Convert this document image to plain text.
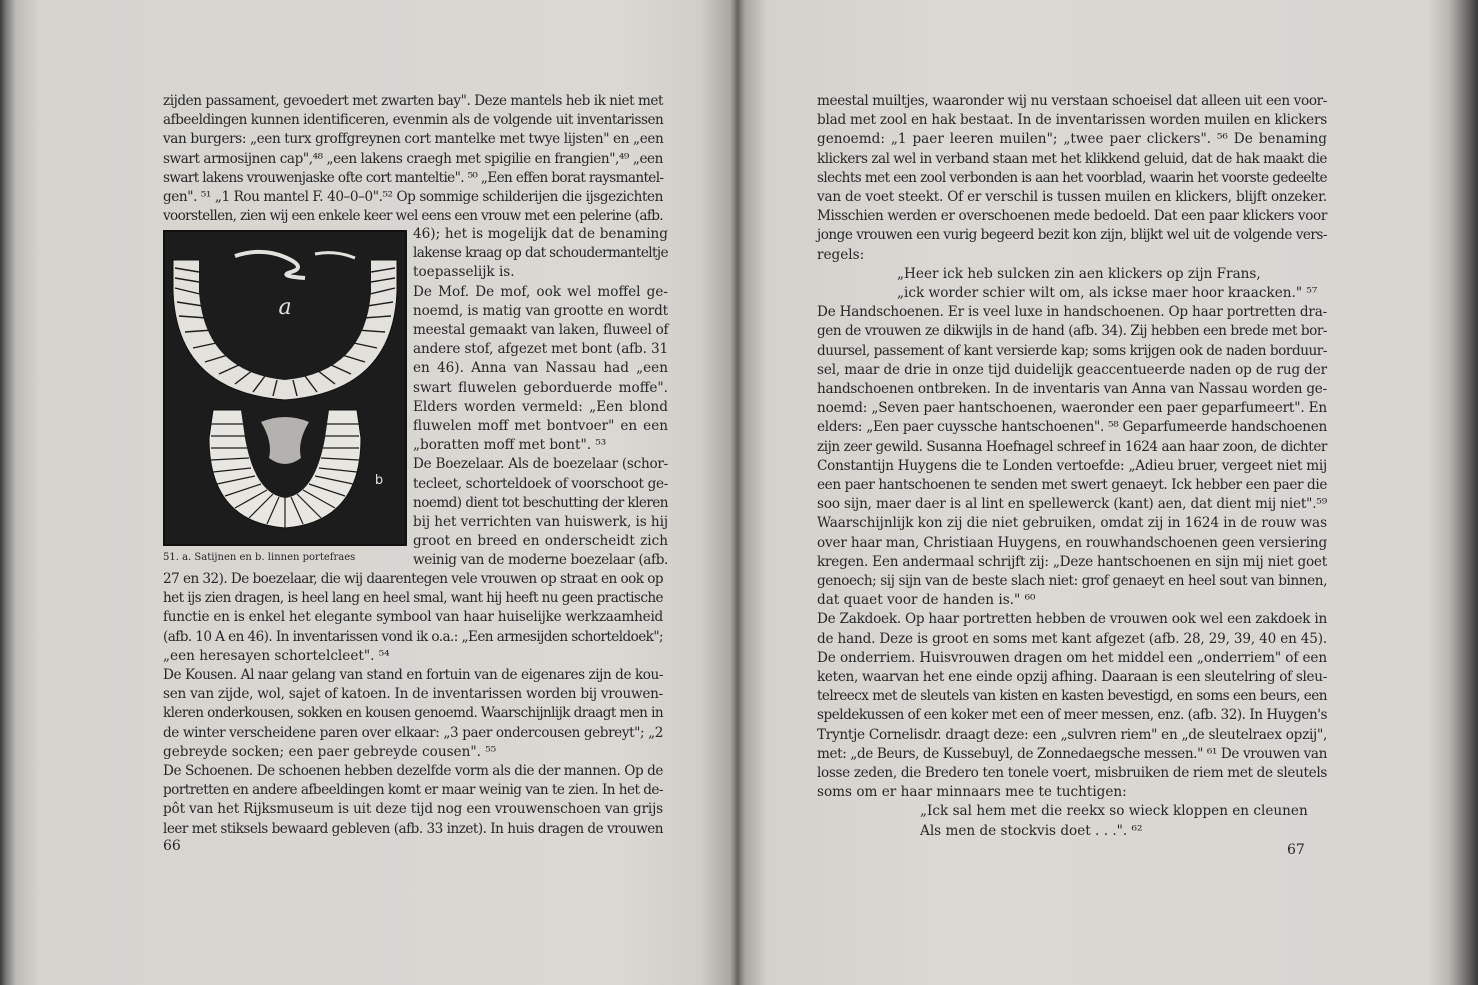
zijden passament, gevoedert met zwarten bay". Deze mantels heb ik niet met
afbeeldingen kunnen identificeren, evenmin als de volgende uit inventarissen
van burgers: „een turx groffgreynen cort mantelke met twye lijsten" en „een
swart armosijnen cap",⁴⁸ „een lakens craegh met spigilie en frangien",⁴⁹ „een
swart lakens vrouwenjaske ofte cort manteltie". ⁵⁰ „Een effen borat raysmantel-
gen". ⁵¹ „1 Rou mantel F. 40–0–0".⁵² Op sommige schilderijen die ijsgezichten
voorstellen, zien wij een enkele keer wel eens een vrouw met een pelerine (afb.
a
b
51. a. Satijnen en b. linnen portefraes
46); het is mogelijk dat de benaming
lakense kraag op dat schoudermanteltje
toepasselijk is.
De Mof. De mof, ook wel moffel ge-
noemd, is matig van grootte en wordt
meestal gemaakt van laken, fluweel of
andere stof, afgezet met bont (afb. 31
en 46). Anna van Nassau had „een
swart fluwelen geborduerde moffe".
Elders worden vermeld: „Een blond
fluwelen moff met bontvoer" en een
„boratten moff met bont". ⁵³
De Boezelaar. Als de boezelaar (schor-
tecleet, schorteldoek of voorschoot ge-
noemd) dient tot beschutting der kleren
bij het verrichten van huiswerk, is hij
groot en breed en onderscheidt zich
weinig van de moderne boezelaar (afb.
27 en 32). De boezelaar, die wij daarentegen vele vrouwen op straat en ook op
het ijs zien dragen, is heel lang en heel smal, want hij heeft nu geen practische
functie en is enkel het elegante symbool van haar huiselijke werkzaamheid
(afb. 10 A en 46). In inventarissen vond ik o.a.: „Een armesijden schorteldoek";
„een heresayen schortelcleet". ⁵⁴
De Kousen. Al naar gelang van stand en fortuin van de eigenares zijn de kou-
sen van zijde, wol, sajet of katoen. In de inventarissen worden bij vrouwen-
kleren onderkousen, sokken en kousen genoemd. Waarschijnlijk draagt men in
de winter verscheidene paren over elkaar: „3 paer ondercousen gebreyt"; „2
gebreyde socken; een paer gebreyde cousen". ⁵⁵
De Schoenen. De schoenen hebben dezelfde vorm als die der mannen. Op de
portretten en andere afbeeldingen komt er maar weinig van te zien. In het de-
pôt van het Rijksmuseum is uit deze tijd nog een vrouwenschoen van grijs
leer met stiksels bewaard gebleven (afb. 33 inzet). In huis dragen de vrouwen
66
meestal muiltjes, waaronder wij nu verstaan schoeisel dat alleen uit een voor-
blad met zool en hak bestaat. In de inventarissen worden muilen en klickers
genoemd: „1 paer leeren muilen"; „twee paer clickers". ⁵⁶ De benaming
klickers zal wel in verband staan met het klikkend geluid, dat de hak maakt die
slechts met een zool verbonden is aan het voorblad, waarin het voorste gedeelte
van de voet steekt. Of er verschil is tussen muilen en klickers, blijft onzeker.
Misschien werden er overschoenen mede bedoeld. Dat een paar klickers voor
jonge vrouwen een vurig begeerd bezit kon zijn, blijkt wel uit de volgende vers-
regels:
„Heer ick heb sulcken zin aen klickers op zijn Frans,
„ick worder schier wilt om, als ickse maer hoor kraacken." ⁵⁷
De Handschoenen. Er is veel luxe in handschoenen. Op haar portretten dra-
gen de vrouwen ze dikwijls in de hand (afb. 34). Zij hebben een brede met bor-
duursel, passement of kant versierde kap; soms krijgen ook de naden borduur-
sel, maar de drie in onze tijd duidelijk geaccentueerde naden op de rug der
handschoenen ontbreken. In de inventaris van Anna van Nassau worden ge-
noemd: „Seven paer hantschoenen, waeronder een paer geparfumeert". En
elders: „Een paer cuyssche hantschoenen". ⁵⁸ Geparfumeerde handschoenen
zijn zeer gewild. Susanna Hoefnagel schreef in 1624 aan haar zoon, de dichter
Constantijn Huygens die te Londen vertoefde: „Adieu bruer, vergeet niet mij
een paer hantschoenen te senden met swert genaeyt. Ick hebber een paer die
soo sijn, maer daer is al lint en spellewerck (kant) aen, dat dient mij niet".⁵⁹
Waarschijnlijk kon zij die niet gebruiken, omdat zij in 1624 in de rouw was
over haar man, Christiaan Huygens, en rouwhandschoenen geen versiering
kregen. Een andermaal schrijft zij: „Deze hantschoenen en sijn mij niet goet
genoech; sij sijn van de beste slach niet: grof genaeyt en heel sout van binnen,
dat quaet voor de handen is." ⁶⁰
De Zakdoek. Op haar portretten hebben de vrouwen ook wel een zakdoek in
de hand. Deze is groot en soms met kant afgezet (afb. 28, 29, 39, 40 en 45).
De onderriem. Huisvrouwen dragen om het middel een „onderriem" of een
keten, waarvan het ene einde opzij afhing. Daaraan is een sleutelring of sleu-
telreecx met de sleutels van kisten en kasten bevestigd, en soms een beurs, een
speldekussen of een koker met een of meer messen, enz. (afb. 32). In Huygen's
Tryntje Cornelisdr. draagt deze: een „sulvren riem" en „de sleutelraex opzij",
met: „de Beurs, de Kussebuyl, de Zonnedaegsche messen." ⁶¹ De vrouwen van
losse zeden, die Bredero ten tonele voert, misbruiken de riem met de sleutels
soms om er haar minnaars mee te tuchtigen:
„Ick sal hem met die reekx so wieck kloppen en cleunen
Als men de stockvis doet . . .". ⁶²
67
